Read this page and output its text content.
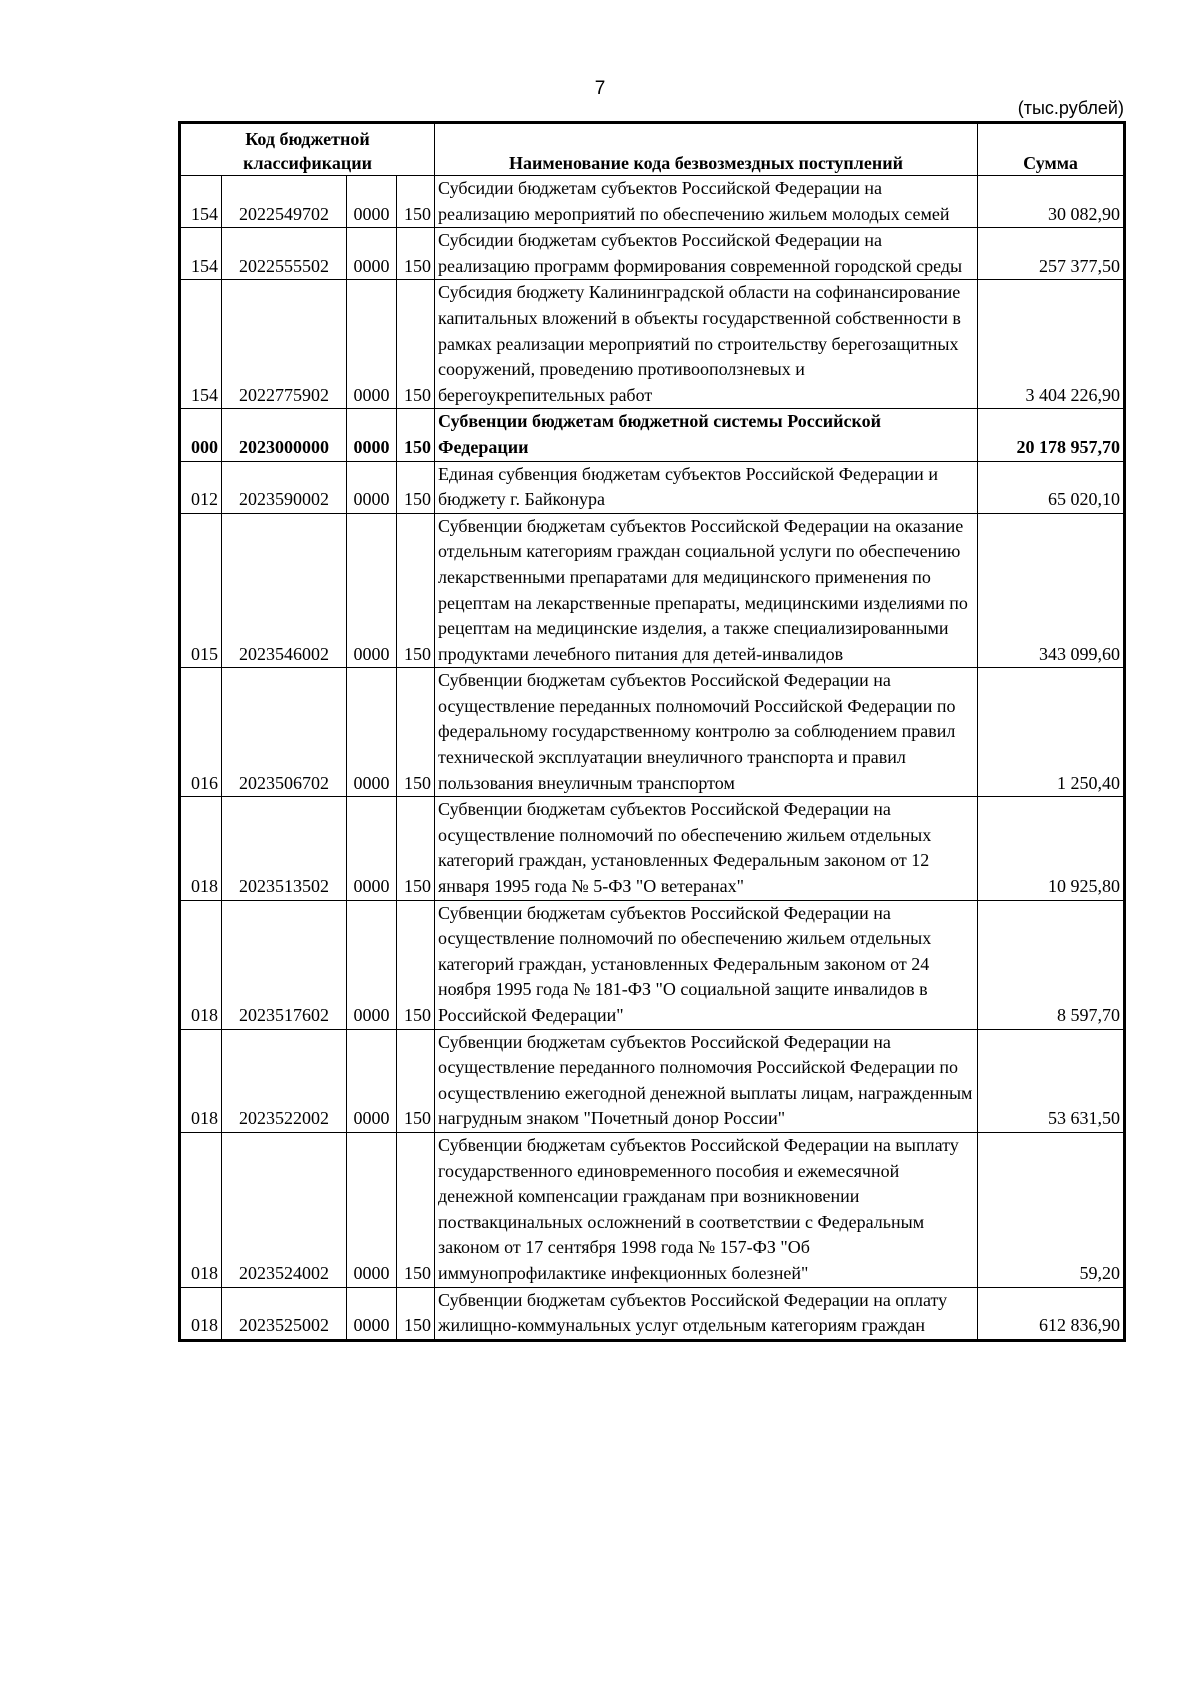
7
(тыс.рублей)
Код бюджетной классификации				Наименование кода безвозмездных поступлений	Сумма
154	2022549702	0000	150	Субсидии бюджетам субъектов Российской Федерации на реализацию мероприятий по обеспечению жильем молодых семей	30 082,90
154	2022555502	0000	150	Субсидии бюджетам субъектов Российской Федерации на реализацию программ формирования современной городской среды	257 377,50
154	2022775902	0000	150	Субсидия бюджету Калининградской области на софинансирование капитальных вложений в объекты государственной собственности в рамках реализации мероприятий по строительству берегозащитных сооружений, проведению противооползневых и берегоукрепительных работ	3 404 226,90
000	2023000000	0000	150	Субвенции бюджетам бюджетной системы Российской Федерации	20 178 957,70
012	2023590002	0000	150	Единая субвенция бюджетам субъектов Российской Федерации и бюджету г. Байконура	65 020,10
015	2023546002	0000	150	Субвенции бюджетам субъектов Российской Федерации на оказание отдельным категориям граждан социальной услуги по обеспечению лекарственными препаратами для медицинского применения по рецептам на лекарственные препараты, медицинскими изделиями по рецептам на медицинские изделия, а также специализированными продуктами лечебного питания для детей-инвалидов	343 099,60
016	2023506702	0000	150	Субвенции бюджетам субъектов Российской Федерации на осуществление переданных полномочий Российской Федерации по федеральному государственному контролю за соблюдением правил технической эксплуатации внеуличного транспорта и правил пользования внеуличным транспортом	1 250,40
018	2023513502	0000	150	Субвенции бюджетам субъектов Российской Федерации на осуществление полномочий по обеспечению жильем отдельных категорий граждан, установленных Федеральным законом от 12 января 1995 года № 5-ФЗ "О ветеранах"	10 925,80
018	2023517602	0000	150	Субвенции бюджетам субъектов Российской Федерации на осуществление полномочий по обеспечению жильем отдельных категорий граждан, установленных Федеральным законом от 24 ноября 1995 года № 181-ФЗ "О социальной защите инвалидов в Российской Федерации"	8 597,70
018	2023522002	0000	150	Субвенции бюджетам субъектов Российской Федерации на осуществление переданного полномочия Российской Федерации по осуществлению ежегодной денежной выплаты лицам, награжденным нагрудным знаком "Почетный донор России"	53 631,50
018	2023524002	0000	150	Субвенции бюджетам субъектов Российской Федерации на выплату государственного единовременного пособия и ежемесячной денежной компенсации гражданам при возникновении поствакцинальных осложнений в соответствии с Федеральным законом от 17 сентября 1998 года № 157-ФЗ "Об иммунопрофилактике инфекционных болезней"	59,20
018	2023525002	0000	150	Субвенции бюджетам субъектов Российской Федерации на оплату жилищно-коммунальных услуг отдельным категориям граждан	612 836,90
